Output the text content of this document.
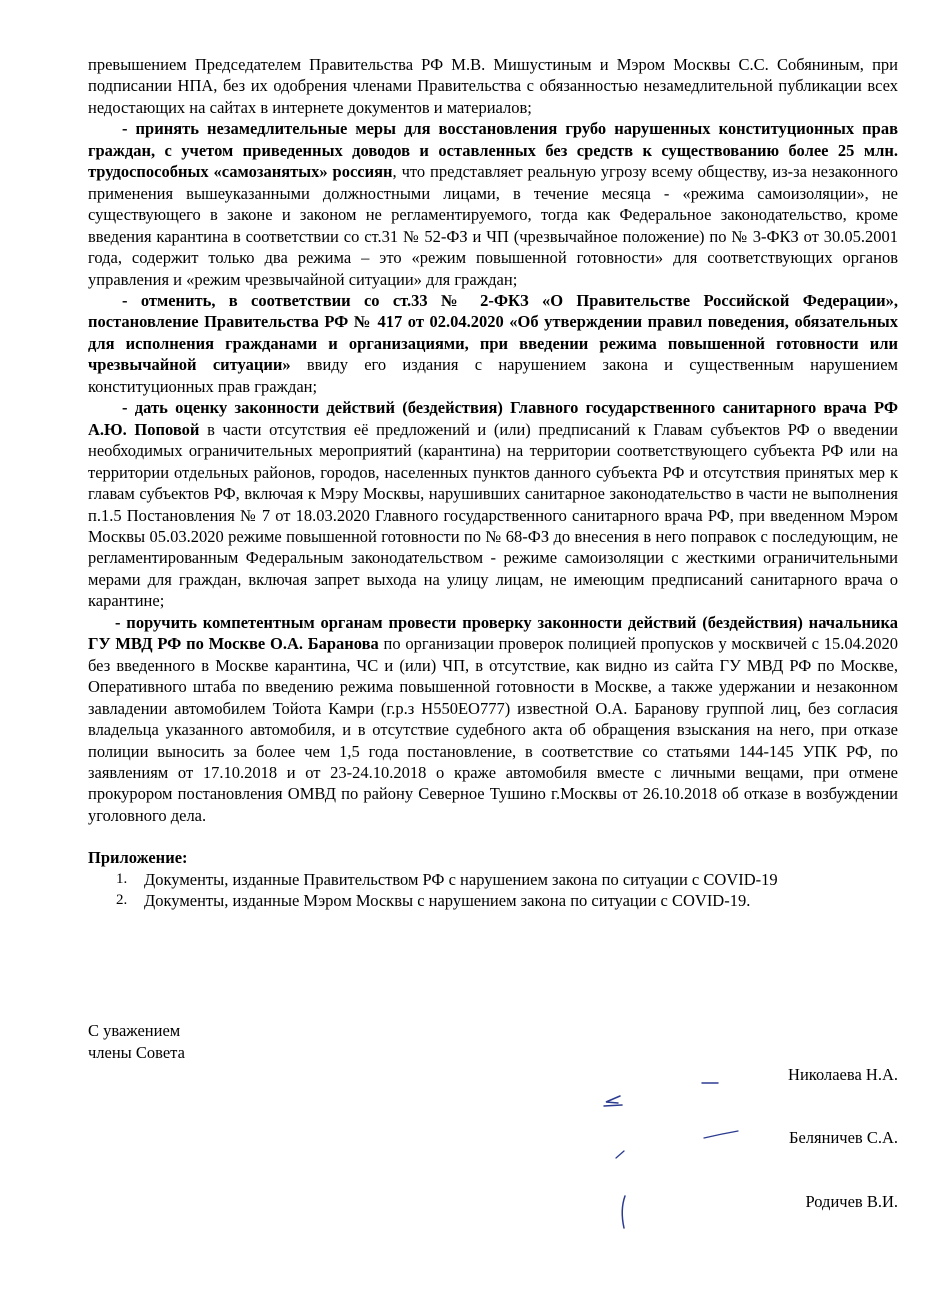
превышением Председателем Правительства РФ М.В. Мишустиным и Мэром Москвы С.С. Собяниным, при подписании НПА, без их одобрения членами Правительства с обязанностью незамедлительной публикации всех недостающих на сайтах в интернете документов и материалов;

- принять незамедлительные меры для восстановления грубо нарушенных конституционных прав граждан, с учетом приведенных доводов и оставленных без средств к существованию более 25 млн. трудоспособных «самозанятых» россиян, что представляет реальную угрозу всему обществу, из-за незаконного применения вышеуказанными должностными лицами, в течение месяца - «режима самоизоляции», не существующего в законе и законом не регламентируемого, тогда как Федеральное законодательство, кроме введения карантина в соответствии со ст.31 № 52-ФЗ и ЧП (чрезвычайное положение) по № 3-ФКЗ от 30.05.2001 года, содержит только два режима – это «режим повышенной готовности» для соответствующих органов управления и «режим чрезвычайной ситуации» для граждан;

- отменить, в соответствии со ст.33 № 2-ФКЗ «О Правительстве Российской Федерации», постановление Правительства РФ № 417 от 02.04.2020 «Об утверждении правил поведения, обязательных для исполнения гражданами и организациями, при введении режима повышенной готовности или чрезвычайной ситуации» ввиду его издания с нарушением закона и существенным нарушением конституционных прав граждан;

- дать оценку законности действий (бездействия) Главного государственного санитарного врача РФ А.Ю. Поповой в части отсутствия её предложений и (или) предписаний к Главам субъектов РФ о введении необходимых ограничительных мероприятий (карантина) на территории соответствующего субъекта РФ или на территории отдельных районов, городов, населенных пунктов данного субъекта РФ и отсутствия принятых мер к главам субъектов РФ, включая к Мэру Москвы, нарушивших санитарное законодательство в части не выполнения п.1.5 Постановления № 7 от 18.03.2020 Главного государственного санитарного врача РФ, при введенном Мэром Москвы 05.03.2020 режиме повышенной готовности по № 68-ФЗ до внесения в него поправок с последующим, не регламентированным Федеральным законодательством - режиме самоизоляции с жесткими ограничительными мерами для граждан, включая запрет выхода на улицу лицам, не имеющим предписаний санитарного врача о карантине;

- поручить компетентным органам провести проверку законности действий (бездействия) начальника ГУ МВД РФ по Москве О.А. Баранова по организации проверок полицией пропусков у москвичей с 15.04.2020 без введенного в Москве карантина, ЧС и (или) ЧП, в отсутствие, как видно из сайта ГУ МВД РФ по Москве, Оперативного штаба по введению режима повышенной готовности в Москве, а также удержании и незаконном завладении автомобилем Тойота Камри (г.р.з Н550ЕО777) известной О.А. Баранову группой лиц, без согласия владельца указанного автомобиля, и в отсутствие судебного акта об обращения взыскания на него, при отказе полиции выносить за более чем 1,5 года постановление, в соответствие со статьями 144-145 УПК РФ, по заявлениям от 17.10.2018 и от 23-24.10.2018 о краже автомобиля вместе с личными вещами, при отмене прокурором постановления ОМВД по району Северное Тушино г.Москвы от 26.10.2018 об отказе в возбуждении уголовного дела.

Приложение:

1. Документы, изданные Правительством РФ с нарушением закона по ситуации с COVID-19
2. Документы, изданные Мэром Москвы с нарушением закона по ситуации с COVID-19.
С уважением
члены Совета
Николаева Н.А.
Беляничев С.А.
Родичев В.И.
